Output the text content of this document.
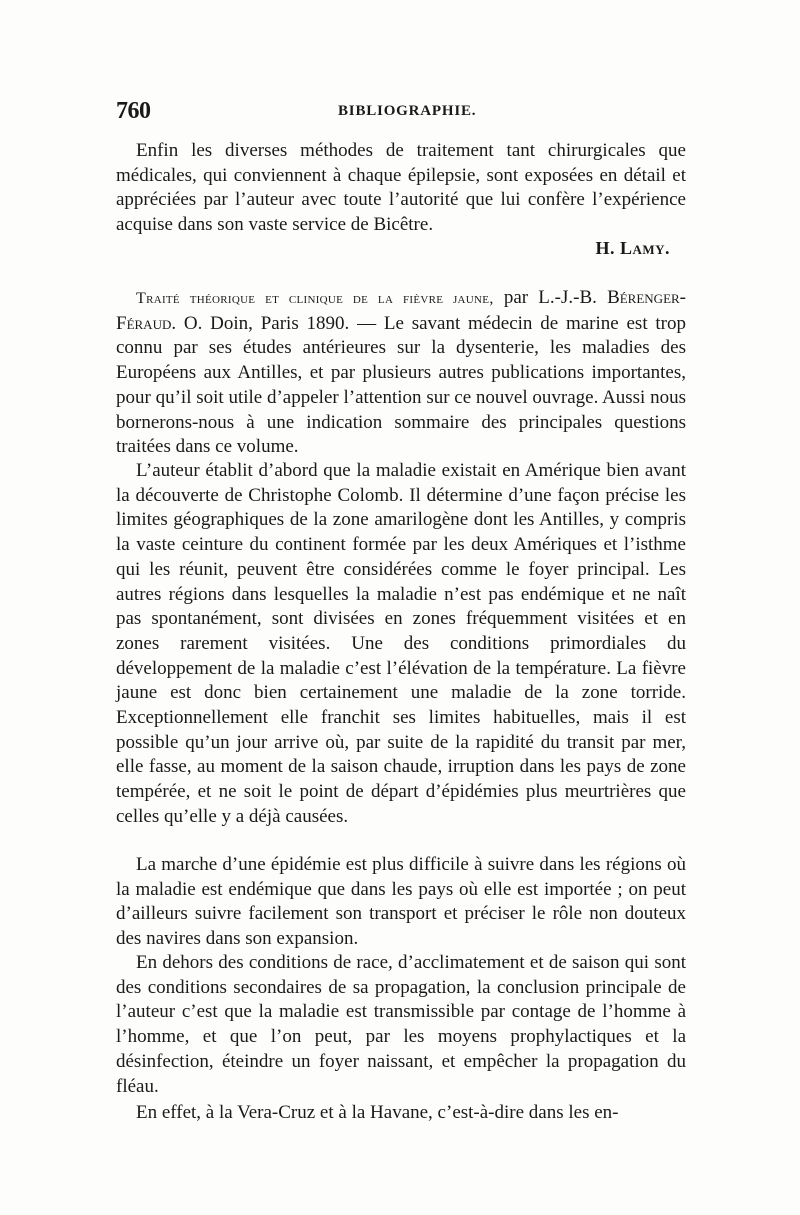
760	BIBLIOGRAPHIE.

Enfin les diverses méthodes de traitement tant chirurgicales que médicales, qui conviennent à chaque épilepsie, sont exposées en détail et appréciées par l’auteur avec toute l’autorité que lui confère l’expérience acquise dans son vaste service de Bicêtre.

H. Lamy.

Traité théorique et clinique de la fièvre jaune, par L.-J.-B. Bérenger-Féraud. O. Doin, Paris 1890. — Le savant médecin de marine est trop connu par ses études antérieures sur la dysenterie, les maladies des Européens aux Antilles, et par plusieurs autres publications importantes, pour qu’il soit utile d’appeler l’attention sur ce nouvel ouvrage. Aussi nous bornerons-nous à une indication sommaire des principales questions traitées dans ce volume.

L’auteur établit d’abord que la maladie existait en Amérique bien avant la découverte de Christophe Colomb. Il détermine d’une façon précise les limites géographiques de la zone amarilogène dont les Antilles, y compris la vaste ceinture du continent formée par les deux Amériques et l’isthme qui les réunit, peuvent être considérées comme le foyer principal. Les autres régions dans lesquelles la maladie n’est pas endémique et ne naît pas spontanément, sont divisées en zones fréquemment visitées et en zones rarement visitées. Une des conditions primordiales du développement de la maladie c’est l’élévation de la température. La fièvre jaune est donc bien certainement une maladie de la zone torride. Exceptionnellement elle franchit ses limites habituelles, mais il est possible qu’un jour arrive où, par suite de la rapidité du transit par mer, elle fasse, au moment de la saison chaude, irruption dans les pays de zone tempérée, et ne soit le point de départ d’épidémies plus meurtrières que celles qu’elle y a déjà causées.

La marche d’une épidémie est plus difficile à suivre dans les régions où la maladie est endémique que dans les pays où elle est importée ; on peut d’ailleurs suivre facilement son transport et préciser le rôle non douteux des navires dans son expansion.

En dehors des conditions de race, d’acclimatement et de saison qui sont des conditions secondaires de sa propagation, la conclusion principale de l’auteur c’est que la maladie est transmissible par contage de l’homme à l’homme, et que l’on peut, par les moyens prophylactiques et la désinfection, éteindre un foyer naissant, et empêcher la propagation du fléau.

En effet, à la Vera-Cruz et à la Havane, c’est-à-dire dans les en-
